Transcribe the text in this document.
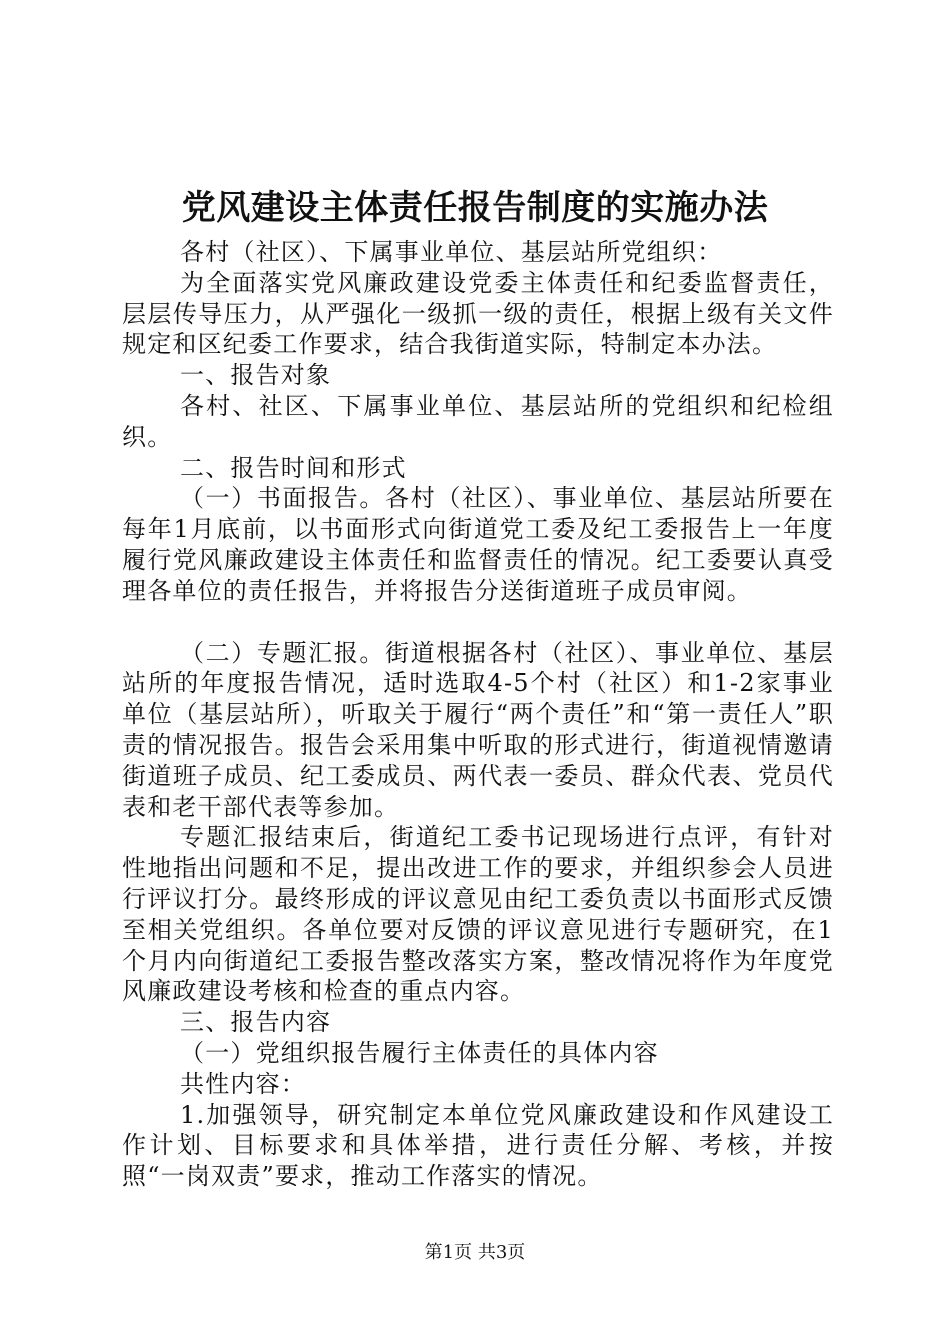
党风建设主体责任报告制度的实施办法

各村（社区）、下属事业单位、基层站所党组织：

为全面落实党风廉政建设党委主体责任和纪委监督责任，层层传导压力，从严强化一级抓一级的责任，根据上级有关文件规定和区纪委工作要求，结合我街道实际，特制定本办法。

一、报告对象

各村、社区、下属事业单位、基层站所的党组织和纪检组织。

二、报告时间和形式

（一）书面报告。各村（社区）、事业单位、基层站所要在每年1月底前，以书面形式向街道党工委及纪工委报告上一年度履行党风廉政建设主体责任和监督责任的情况。纪工委要认真受理各单位的责任报告，并将报告分送街道班子成员审阅。

（二）专题汇报。街道根据各村（社区）、事业单位、基层站所的年度报告情况，适时选取4-5个村（社区）和1-2家事业单位（基层站所），听取关于履行“两个责任”和“第一责任人”职责的情况报告。报告会采用集中听取的形式进行，街道视情邀请街道班子成员、纪工委成员、两代表一委员、群众代表、党员代表和老干部代表等参加。

专题汇报结束后，街道纪工委书记现场进行点评，有针对性地指出问题和不足，提出改进工作的要求，并组织参会人员进行评议打分。最终形成的评议意见由纪工委负责以书面形式反馈至相关党组织。各单位要对反馈的评议意见进行专题研究，在1个月内向街道纪工委报告整改落实方案，整改情况将作为年度党风廉政建设考核和检查的重点内容。

三、报告内容

（一）党组织报告履行主体责任的具体内容

共性内容：

1.加强领导，研究制定本单位党风廉政建设和作风建设工作计划、目标要求和具体举措，进行责任分解、考核，并按照“一岗双责”要求，推动工作落实的情况。

第1页 共3页
